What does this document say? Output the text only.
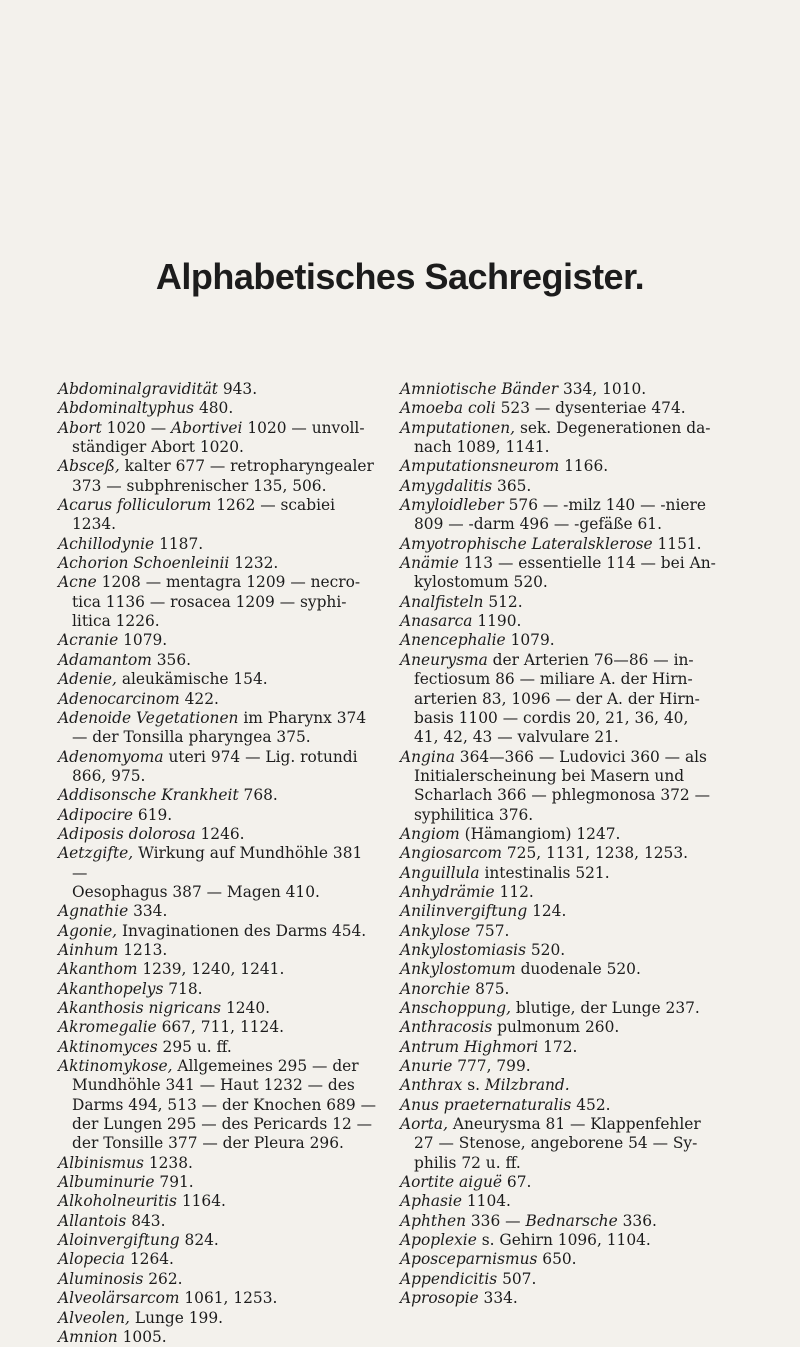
Alphabetisches Sachregister.

Abdominalgravidität 943.

Abdominaltyphus 480.

Abort 1020 — Abortivei 1020 — unvoll-
ständiger Abort 1020.

Absceß, kalter 677 — retropharyngealer
373 — subphrenischer 135, 506.

Acarus folliculorum 1262 — scabiei 1234.

Achillodynie 1187.

Achorion Schoenleinii 1232.

Acne 1208 — mentagra 1209 — necro-
tica 1136 — rosacea 1209 — syphi-
litica 1226.

Acranie 1079.

Adamantom 356.

Adenie, aleukämische 154.

Adenocarcinom 422.

Adenoide Vegetationen im Pharynx 374
— der Tonsilla pharyngea 375.

Adenomyoma uteri 974 — Lig. rotundi
866, 975.

Addisonsche Krankheit 768.

Adipocire 619.

Adiposis dolorosa 1246.

Aetzgifte, Wirkung auf Mundhöhle 381 —
Oesophagus 387 — Magen 410.

Agnathie 334.

Agonie, Invaginationen des Darms 454.

Ainhum 1213.

Akanthom 1239, 1240, 1241.

Akanthopelys 718.

Akanthosis nigricans 1240.

Akromegalie 667, 711, 1124.

Aktinomyces 295 u. ff.

Aktinomykose, Allgemeines 295 — der
Mundhöhle 341 — Haut 1232 — des
Darms 494, 513 — der Knochen 689 —
der Lungen 295 — des Pericards 12 —
der Tonsille 377 — der Pleura 296.

Albinismus 1238.

Albuminurie 791.

Alkoholneuritis 1164.

Allantois 843.

Aloinvergiftung 824.

Alopecia 1264.

Aluminosis 262.

Alveolärsarcom 1061, 1253.

Alveolen, Lunge 199.

Amnion 1005.

Amniotische Bänder 334, 1010.

Amoeba coli 523 — dysenteriae 474.

Amputationen, sek. Degenerationen da-
nach 1089, 1141.

Amputationsneurom 1166.

Amygdalitis 365.

Amyloidleber 576 — -milz 140 — -niere
809 — -darm 496 — -gefäße 61.

Amyotrophische Lateralsklerose 1151.

Anämie 113 — essentielle 114 — bei An-
kylostomum 520.

Analfisteln 512.

Anasarca 1190.

Anencephalie 1079.

Aneurysma der Arterien 76—86 — in-
fectiosum 86 — miliare A. der Hirn-
arterien 83, 1096 — der A. der Hirn-
basis 1100 — cordis 20, 21, 36, 40,
41, 42, 43 — valvulare 21.

Angina 364—366 — Ludovici 360 — als
Initialerscheinung bei Masern und
Scharlach 366 — phlegmonosa 372 —
syphilitica 376.

Angiom (Hämangiom) 1247.

Angiosarcom 725, 1131, 1238, 1253.

Anguillula intestinalis 521.

Anhydrämie 112.

Anilinvergiftung 124.

Ankylose 757.

Ankylostomiasis 520.

Ankylostomum duodenale 520.

Anorchie 875.

Anschoppung, blutige, der Lunge 237.

Anthracosis pulmonum 260.

Antrum Highmori 172.

Anurie 777, 799.

Anthrax s. Milzbrand.

Anus praeternaturalis 452.

Aorta, Aneurysma 81 — Klappenfehler
27 — Stenose, angeborene 54 — Sy-
philis 72 u. ff.

Aortite aiguë 67.

Aphasie 1104.

Aphthen 336 — Bednarsche 336.

Apoplexie s. Gehirn 1096, 1104.

Aposceparnismus 650.

Appendicitis 507.

Aprosopie 334.
